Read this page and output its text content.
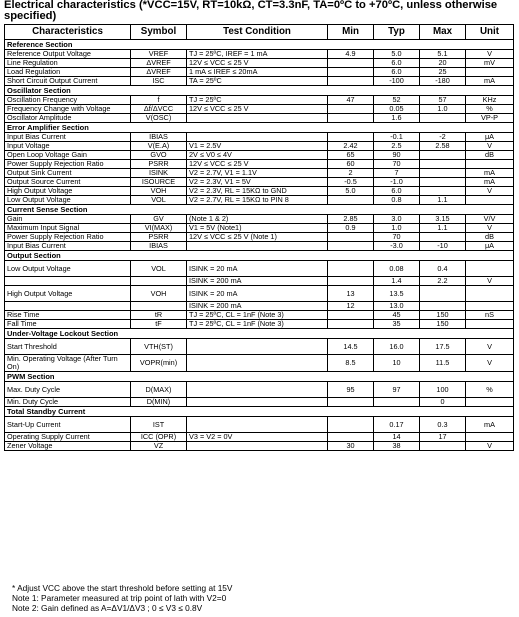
Electrical characteristics (*VCC=15V, RT=10kΩ, CT=3.3nF, TA=0ºC to +70ºC, unless otherwise specified)
Characteristics	Symbol	Test Condition	Min	Typ	Max	Unit
Reference Section						
Reference Output Voltage	VREF	TJ = 25ºC, IREF = 1 mA	4.9	5.0	5.1	V
Line Regulation	ΔVREF	12V ≤ VCC ≤ 25 V		6.0	20	mV
Load Regulation	ΔVREF	1 mA ≤ IREF ≤ 20mA		6.0	25	
Short Circuit Output Current	ISC	TA = 25ºC		-100	-180	mA
Oscillator Section						
Oscillation Frequency	f	TJ = 25ºC	47	52	57	KHz
Frequency Change with Voltage	Δf/ΔVCC	12V ≤ VCC ≤ 25 V		0.05	1.0	%
Oscillator Amplitude	V(OSC)			1.6		VP-P
Error Amplifier Section						
Input Bias Current	IBIAS			-0.1	-2	μA
Input Voltage	V(E.A)	V1 = 2.5V	2.42	2.5	2.58	V
Open Loop Voltage Gain	GVO	2V ≤ V0 ≤ 4V	65	90		dB
Power Supply Rejection Ratio	PSRR	12V ≤ VCC ≤ 25 V	60	70		
Output Sink Current	ISINK	V2 = 2.7V, V1 = 1.1V	2	7		mA
Output Source Current	ISOURCE	V2 = 2.3V, V1 = 5V	-0.5	-1.0		mA
High Output Voltage	VOH	V2 = 2.3V, RL = 15KΩ to GND	5.0	6.0		V
Low Output Voltage	VOL	V2 = 2.7V, RL = 15KΩ to PIN 8		0.8	1.1	
Current Sense Section						
Gain	GV	(Note 1 & 2)	2.85	3.0	3.15	V/V
Maximum Input Signal	VI(MAX)	V1 = 5V (Note1)	0.9	1.0	1.1	V
Power Supply Rejection Ratio	PSRR	12V ≤ VCC ≤ 25 V (Note 1)		70		dB
Input Bias Current	IBIAS			-3.0	-10	μA
Output Section						
Low Output Voltage	VOL	ISINK = 20 mA		0.08	0.4	
		ISINK = 200 mA		1.4	2.2	V
High Output Voltage	VOH	ISINK = 20 mA	13	13.5		
		ISINK = 200 mA	12	13.0		
Rise Time	tR	TJ = 25ºC, CL = 1nF (Note 3)		45	150	nS
Fall Time	tF	TJ = 25ºC, CL = 1nF (Note 3)		35	150	
Under-Voltage Lockout Section						
Start Threshold	VTH(ST)		14.5	16.0	17.5	V
Min. Operating Voltage (After Turn On)	VOPR(min)		8.5	10	11.5	V
PWM Section						
Max. Duty Cycle	D(MAX)		95	97	100	%
Min. Duty Cycle	D(MIN)				0	
Total Standby Current						
Start-Up Current	IST			0.17	0.3	mA
Operating Supply Current	ICC (OPR)	V3 = V2 = 0V		14	17	
Zener Voltage	VZ		30	38		V
* Adjust VCC above the start threshold before setting at 15V
Note 1: Parameter measured at trip point of lath with V2=0
Note 2: Gain defined as A=ΔV1/ΔV3 ; 0 ≤ V3 ≤ 0.8V
